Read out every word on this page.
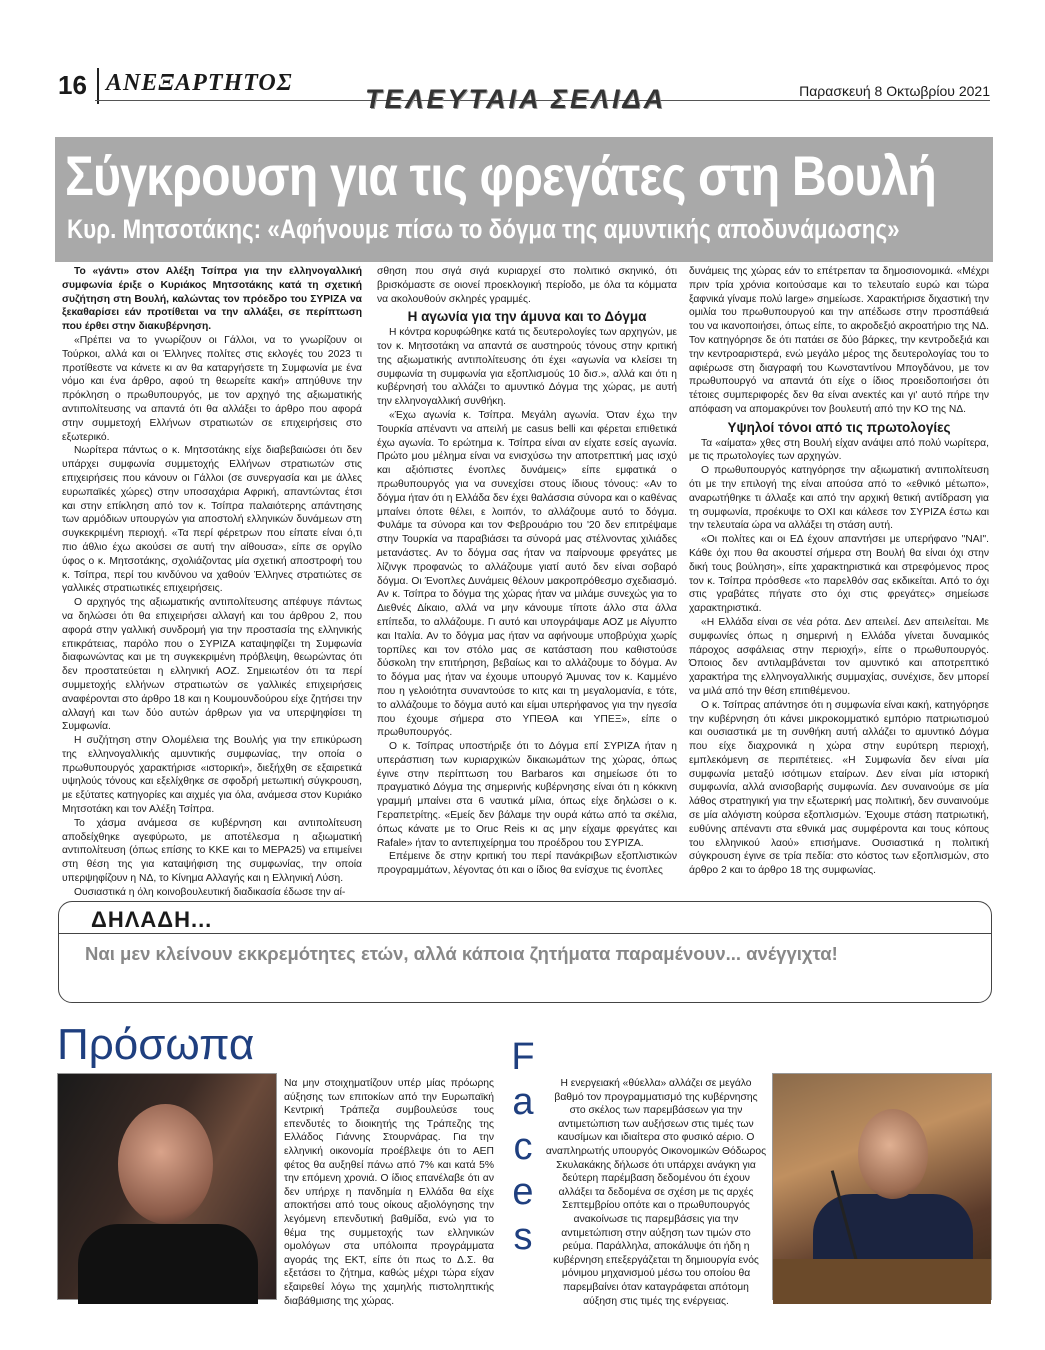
16 ΑΝΕΞΑΡΤΗΤΟΣ
ΤΕΛΕΥΤΑΙΑ ΣΕΛΙΔΑ	Παρασκευή 8 Οκτωβρίου 2021
Σύγκρουση για τις φρεγάτες στη Βουλή
Κυρ. Μητσοτάκης: «Αφήνουμε πίσω το δόγμα της αμυντικής αποδυνάμωσης»

Το «γάντι» στον Αλέξη Τσίπρα για την ελληνογαλλική συμφωνία έριξε ο Κυριάκος Μητσοτάκης κατά τη σχετική συζήτηση στη Βουλή, καλώντας τον πρόεδρο του ΣΥΡΙΖΑ να ξεκαθαρίσει εάν προτίθεται να την αλλάξει, σε περίπτωση που έρθει στην διακυβέρνηση.

«Πρέπει να το γνωρίζουν οι Γάλλοι, να το γνωρίζουν οι Τούρκοι, αλλά και οι Έλληνες πολίτες στις εκλογές του 2023 τι προτίθεστε να κάνετε κι αν θα καταργήσετε τη Συμφωνία με ένα νόμο και ένα άρθρο, αφού τη θεωρείτε κακή» απηύθυνε την πρόκληση ο πρωθυπουργός, με τον αρχηγό της αξιωματικής αντιπολίτευσης να απαντά ότι θα αλλάξει το άρθρο που αφορά στην συμμετοχή Ελλήνων στρατιωτών σε επιχειρήσεις στο εξωτερικό.

Νωρίτερα πάντως ο κ. Μητσοτάκης είχε διαβεβαιώσει ότι δεν υπάρχει συμφωνία συμμετοχής Ελλήνων στρατιωτών στις επιχειρήσεις που κάνουν οι Γάλλοι (σε συνεργασία και με άλλες ευρωπαϊκές χώρες) στην υποσαχάρια Αφρική, απαντώντας έτσι και στην επίκληση από τον κ. Τσίπρα παλαιότερης απάντησης των αρμόδιων υπουργών για αποστολή ελληνικών δυνάμεων στη συγκεκριμένη περιοχή. «Τα περί φέρετρων που είπατε είναι ό,τι πιο άθλιο έχω ακούσει σε αυτή την αίθουσα», είπε σε οργίλο ύφος ο κ. Μητσοτάκης, σχολιάζοντας μία σχετική αποστροφή του κ. Τσίπρα, περί του κινδύνου να χαθούν Έλληνες στρατιώτες σε γαλλικές στρατιωτικές επιχειρήσεις.

Ο αρχηγός της αξιωματικής αντιπολίτευσης απέφυγε πάντως να δηλώσει ότι θα επιχειρήσει αλλαγή και του άρθρου 2, που αφορά στην γαλλική συνδρομή για την προστασία της ελληνικής επικράτειας, παρόλο που ο ΣΥΡΙΖΑ καταψηφίζει τη Συμφωνία διαφωνώντας και με τη συγκεκριμένη πρόβλεψη, θεωρώντας ότι δεν προστατεύεται η ελληνική ΑΟΖ. Σημειωτέον ότι τα περί συμμετοχής ελλήνων στρατιωτών σε γαλλικές επιχειρήσεις αναφέρονται στο άρθρο 18 και η Κουμουνδούρου είχε ζητήσει την αλλαγή και των δύο αυτών άρθρων για να υπερψηφίσει τη Συμφωνία.

Η συζήτηση στην Ολομέλεια της Βουλής για την επικύρωση της ελληνογαλλικής αμυντικής συμφωνίας, την οποία ο πρωθυπουργός χαρακτήρισε «ιστορική», διεξήχθη σε εξαιρετικά υψηλούς τόνους και εξελίχθηκε σε σφοδρή μετωπική σύγκρουση, με εξύτατες κατηγορίες και αιχμές για όλα, ανάμεσα στον Κυριάκο Μητσοτάκη και τον Αλέξη Τσίπρα.

Το χάσμα ανάμεσα σε κυβέρνηση και αντιπολίτευση αποδείχθηκε αγεφύρωτο, με αποτέλεσμα η αξιωματική αντιπολίτευση (όπως επίσης το ΚΚΕ και το ΜΕΡΑ25) να επιμείνει στη θέση της για καταψήφιση της συμφωνίας, την οποία υπερψηφίζουν η ΝΔ, το Κίνημα Αλλαγής και η Ελληνική Λύση.

Ουσιαστικά η όλη κοινοβουλευτική διαδικασία έδωσε την αί-

σθηση που σιγά σιγά κυριαρχεί στο πολιτικό σκηνικό, ότι βρισκόμαστε σε οιονεί προεκλογική περίοδο, με όλα τα κόμματα να ακολουθούν σκληρές γραμμές.

Η αγωνία για την άμυνα και το Δόγμα

Η κόντρα κορυφώθηκε κατά τις δευτερολογίες των αρχηγών, με τον κ. Μητσοτάκη να απαντά σε αυστηρούς τόνους στην κριτική της αξιωματικής αντιπολίτευσης ότι έχει «αγωνία να κλείσει τη συμφωνία τη συμφωνία για εξοπλισμούς 10 δισ.», αλλά και ότι η κυβέρνησή του αλλάζει το αμυντικό Δόγμα της χώρας, με αυτή την ελληνογαλλική συνθήκη.

«Έχω αγωνία κ. Τσίπρα. Μεγάλη αγωνία. Όταν έχω την Τουρκία απέναντι να απειλή με casus belli και φέρεται επιθετικά έχω αγωνία. Το ερώτημα κ. Τσίπρα είναι αν είχατε εσείς αγωνία. Πρώτο μου μέλημα είναι να ενισχύσω την αποτρεπτική μας ισχύ και αξιόπιστες ένοπλες δυνάμεις» είπε εμφατικά ο πρωθυπουργός για να συνεχίσει στους ίδιους τόνους: «Αν το δόγμα ήταν ότι η Ελλάδα δεν έχει θαλάσσια σύνορα και ο καθένας μπαίνει όποτε θέλει, ε λοιπόν, το αλλάζουμε αυτό το δόγμα. Φυλάμε τα σύνορα και τον Φεβρουάριο του '20 δεν επιτρέψαμε στην Τουρκία να παραβιάσει τα σύνορά μας στέλνοντας χιλιάδες μετανάστες. Αν το δόγμα σας ήταν να παίρνουμε φρεγάτες με λίζινγκ προφανώς το αλλάζουμε γιατί αυτό δεν είναι σοβαρό δόγμα. Οι Ένοπλες Δυνάμεις θέλουν μακροπρόθεσμο σχεδιασμό. Αν κ. Τσίπρα το δόγμα της χώρας ήταν να μιλάμε συνεχώς για το Διεθνές Δίκαιο, αλλά να μην κάνουμε τίποτε άλλο στα άλλα επίπεδα, το αλλάζουμε. Γι αυτό και υπογράψαμε ΑΟΖ με Αίγυπτο και Ιταλία. Αν το δόγμα μας ήταν να αφήνουμε υποβρύχια χωρίς τορπίλες και τον στόλο μας σε κατάσταση που καθιστούσε δύσκολη την επιτήρηση, βεβαίως και το αλλάζουμε το δόγμα. Αν το δόγμα μας ήταν να έχουμε υπουργό Άμυνας τον κ. Καμμένο που η γελοιότητα συναντούσε το κιτς και τη μεγαλομανία, ε τότε, το αλλάζουμε το δόγμα αυτό και είμαι υπερήφανος για την ηγεσία που έχουμε σήμερα στο ΥΠΕΘΑ και ΥΠΕΞ», είπε ο πρωθυπουργός.

Ο κ. Τσίπρας υποστήριξε ότι το Δόγμα επί ΣΥΡΙΖΑ ήταν η υπεράσπιση των κυριαρχικών δικαιωμάτων της χώρας, όπως έγινε στην περίπτωση του Barbaros και σημείωσε ότι το πραγματικό Δόγμα της σημερινής κυβέρνησης είναι ότι η κόκκινη γραμμή μπαίνει στα 6 ναυτικά μίλια, όπως είχε δηλώσει ο κ. Γεραπετρίτης. «Εμείς δεν βάλαμε την ουρά κάτω από τα σκέλια, όπως κάνατε με το Oruc Reis κι ας μην είχαμε φρεγάτες και Rafale» ήταν το αντεπιχείρημα του προέδρου του ΣΥΡΙΖΑ.

Επέμεινε δε στην κριτική του περί πανάκριβων εξοπλιστικών προγραμμάτων, λέγοντας ότι και ο ίδιος θα ενίσχυε τις ένοπλες

δυνάμεις της χώρας εάν το επέτρεπαν τα δημοσιονομικά. «Μέχρι πριν τρία χρόνια κοιτούσαμε και το τελευταίο ευρώ και τώρα ξαφνικά γίναμε πολύ large» σημείωσε. Χαρακτήρισε διχαστική την ομιλία του πρωθυπουργού και την απέδωσε στην προσπάθειά του να ικανοποιήσει, όπως είπε, το ακροδεξιό ακροατήριο της ΝΔ. Τον κατηγόρησε δε ότι πατάει σε δύο βάρκες, την κεντροδεξιά και την κεντροαριστερά, ενώ μεγάλο μέρος της δευτερολογίας του το αφιέρωσε στη διαγραφή του Κωνσταντίνου Μπογδάνου, με τον πρωθυπουργό να απαντά ότι είχε ο ίδιος προειδοποιήσει ότι τέτοιες συμπεριφορές δεν θα είναι ανεκτές και γι' αυτό πήρε την απόφαση να απομακρύνει τον βουλευτή από την ΚΟ της ΝΔ.

Υψηλοί τόνοι από τις πρωτολογίες

Τα «αίματα» χθες στη Βουλή είχαν ανάψει από πολύ νωρίτερα, με τις πρωτολογίες των αρχηγών.

Ο πρωθυπουργός κατηγόρησε την αξιωματική αντιπολίτευση ότι με την επιλογή της είναι απούσα από το «εθνικό μέτωπο», αναρωτήθηκε τι άλλαξε και από την αρχική θετική αντίδραση για τη συμφωνία, προέκυψε το ΟΧΙ και κάλεσε τον ΣΥΡΙΖΑ έστω και την τελευταία ώρα να αλλάξει τη στάση αυτή.

«Οι πολίτες και οι ΕΔ έχουν απαντήσει με υπερήφανο "ΝΑΙ". Κάθε όχι που θα ακουστεί σήμερα στη Βουλή θα είναι όχι στην δική τους βούληση», είπε χαρακτηριστικά και στρεφόμενος προς τον κ. Τσίπρα πρόσθεσε «το παρελθόν σας εκδικείται. Από το όχι στις γραβάτες πήγατε στο όχι στις φρεγάτες» σημείωσε χαρακτηριστικά.

«Η Ελλάδα είναι σε νέα ρότα. Δεν απειλεί. Δεν απειλείται. Με συμφωνίες όπως η σημερινή η Ελλάδα γίνεται δυναμικός πάροχος ασφάλειας στην περιοχή», είπε ο πρωθυπουργός. Όποιος δεν αντιλαμβάνεται τον αμυντικό και αποτρεπτικό χαρακτήρα της ελληνογαλλικής συμμαχίας, συνέχισε, δεν μπορεί να μιλά από την θέση επιτιθέμενου.

Ο κ. Τσίπρας απάντησε ότι η συμφωνία είναι κακή, κατηγόρησε την κυβέρνηση ότι κάνει μικροκομματικό εμπόριο πατριωτισμού και ουσιαστικά με τη συνθήκη αυτή αλλάζει το αμυντικό Δόγμα που είχε διαχρονικά η χώρα στην ευρύτερη περιοχή, εμπλεκόμενη σε περιπέτειες. «Η Συμφωνία δεν είναι μία συμφωνία μεταξύ ισότιμων εταίρων. Δεν είναι μία ιστορική συμφωνία, αλλά ανισοβαρής συμφωνία. Δεν συναινούμε σε μία λάθος στρατηγική για την εξωτερική μας πολιτική, δεν συναινούμε σε μία αλόγιστη κούρσα εξοπλισμών. Έχουμε στάση πατριωτική, ευθύνης απέναντι στα εθνικά μας συμφέροντα και τους κόπους του ελληνικού λαού» επισήμανε. Ουσιαστικά η πολιτική σύγκρουση έγινε σε τρία πεδία: στο κόστος των εξοπλισμών, στο άρθρο 2 και το άρθρο 18 της συμφωνίας.

ΔΗΛΑΔΗ...
Ναι μεν κλείνουν εκκρεμότητες ετών, αλλά κάποια ζητήματα παραμένουν... ανέγγιχτα!
Πρόσωπα
Να μην στοιχηματίζουν υπέρ μίας πρόωρης αύξησης των επιτοκίων από την Ευρωπαϊκή Κεντρική Τράπεζα συμβουλεύσε τους επενδυτές το διοικητής της Τράπεζης της Ελλάδος Γιάννης Στουρνάρας. Για την ελληνική οικονομία προέβλεψε ότι το ΑΕΠ φέτος θα αυξηθεί πάνω από 7% και κατά 5% την επόμενη χρονιά. Ο ίδιος επανέλαβε ότι αν δεν υπήρχε η πανδημία η Ελλάδα θα είχε αποκτήσει από τους οίκους αξιολόγησης την λεγόμενη επενδυτική βαθμίδα, ενώ για το θέμα της συμμετοχής των ελληνικών ομολόγων στα υπόλοιπα προγράμματα αγοράς της ΕΚΤ, είπε ότι πως το Δ.Σ. θα εξετάσει το ζήτημα, καθώς μέχρι τώρα είχαν εξαιρεθεί λόγω της χαμηλής πιστοληπτικής διαβάθμισης της χώρας.
F
a
c
e
s
Η ενεργειακή «θύελλα» αλλάζει σε μεγάλο βαθμό τον προγραμματισμό της κυβέρνησης στο σκέλος των παρεμβάσεων για την αντιμετώπιση των αυξήσεων στις τιμές των καυσίμων και ιδιαίτερα στο φυσικό αέριο. Ο αναπληρωτής υπουργός Οικονομικών Θόδωρος Σκυλακάκης δήλωσε ότι υπάρχει ανάγκη για δεύτερη παρέμβαση δεδομένου ότι έχουν αλλάξει τα δεδομένα σε σχέση με τις αρχές Σεπτεμβρίου οπότε και ο πρωθυπουργός ανακοίνωσε τις παρεμβάσεις για την αντιμετώπιση στην αύξηση των τιμών στο ρεύμα. Παράλληλα, αποκάλυψε ότι ήδη η κυβέρνηση επεξεργάζεται τη δημιουργία ενός μόνιμου μηχανισμού μέσω του οποίου θα παρεμβαίνει όταν καταγράφεται απότομη αύξηση στις τιμές της ενέργειας.
